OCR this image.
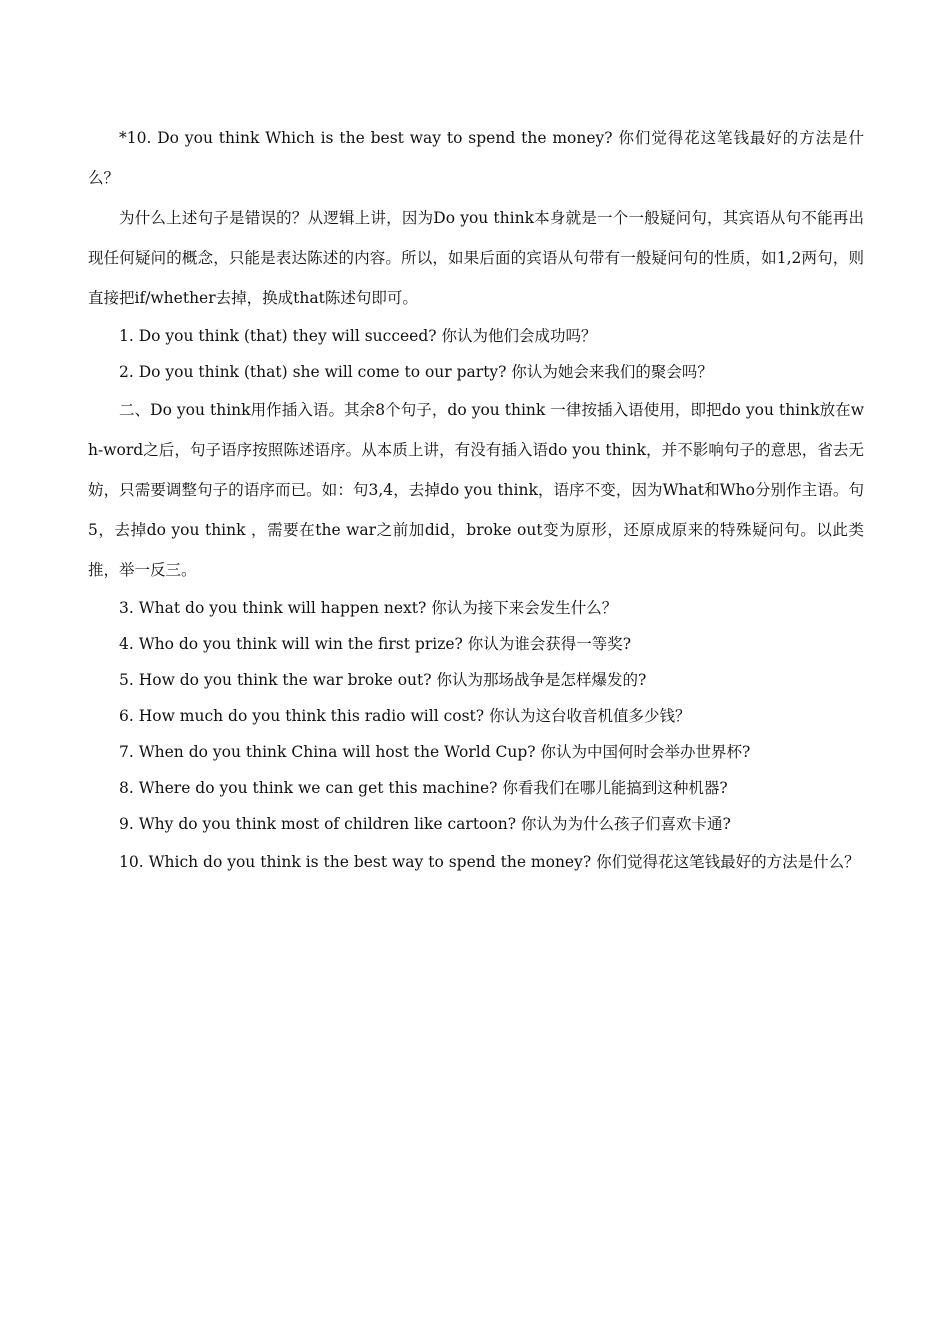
*10. Do you think Which is the best way to spend the money? 你们觉得花这笔钱最好的方法是什么？

为什么上述句子是错误的？从逻辑上讲，因为Do you think本身就是一个一般疑问句，其宾语从句不能再出现任何疑问的概念，只能是表达陈述的内容。所以，如果后面的宾语从句带有一般疑问句的性质，如1,2两句，则直接把if/whether去掉，换成that陈述句即可。

1. Do you think (that) they will succeed? 你认为他们会成功吗？

2. Do you think (that) she will come to our party? 你认为她会来我们的聚会吗？

二、Do you think用作插入语。其余8个句子，do you think 一律按插入语使用，即把do you think放在wh-word之后，句子语序按照陈述语序。从本质上讲，有没有插入语do you think，并不影响句子的意思，省去无妨，只需要调整句子的语序而已。如：句3,4，去掉do you think，语序不变，因为What和Who分别作主语。句5，去掉do you think ，需要在the war之前加did，broke out变为原形，还原成原来的特殊疑问句。以此类推，举一反三。

3. What do you think will happen next? 你认为接下来会发生什么？

4. Who do you think will win the first prize? 你认为谁会获得一等奖?

5. How do you think the war broke out? 你认为那场战争是怎样爆发的?

6. How much do you think this radio will cost? 你认为这台收音机值多少钱？

7. When do you think China will host the World Cup? 你认为中国何时会举办世界杯?

8. Where do you think we can get this machine? 你看我们在哪儿能搞到这种机器?

9. Why do you think most of children like cartoon? 你认为为什么孩子们喜欢卡通?

10. Which do you think is the best way to spend the money? 你们觉得花这笔钱最好的方法是什么？
